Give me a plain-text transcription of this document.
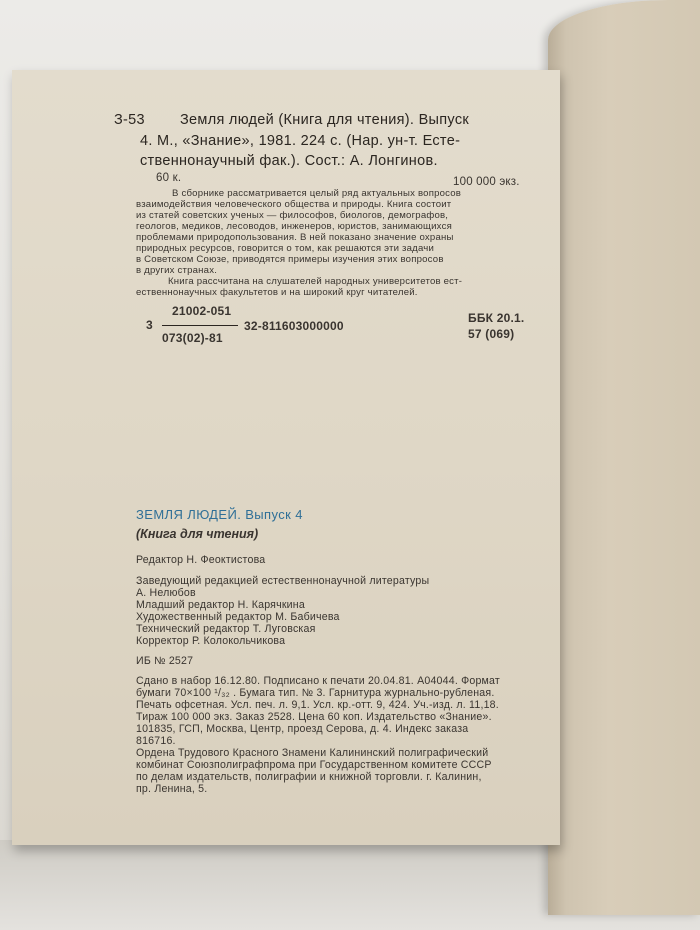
З-53 Земля людей (Книга для чтения). Выпуск
4. М., «Знание», 1981. 224 с. (Нар. ун-т. Есте-
ственнонаучный фак.). Сост.: А. Лонгинов.
60 к.	100 000 экз.
В сборнике рассматривается целый ряд актуальных вопросов
взаимодействия человеческого общества и природы. Книга состоит
из статей советских ученых — философов, биологов, демографов,
геологов, медиков, лесоводов, инженеров, юристов, занимающихся
проблемами природопользования. В ней показано значение охраны
природных ресурсов, говорится о том, как решаются эти задачи
в Советском Союзе, приводятся примеры изучения этих вопросов
в других странах.
Книга рассчитана на слушателей народных университетов ест-
ественнонаучных факультетов и на широкий круг читателей.
3
21002-051
073(02)-81
32-811603000000
ББК 20.1.
57 (069)
ЗЕМЛЯ ЛЮДЕЙ. Выпуск 4
(Книга для чтения)
Редактор Н. Феоктистова
Заведующий редакцией естественнонаучной литературы
А. Нелюбов
Младший редактор Н. Карячкина
Художественный редактор М. Бабичева
Технический редактор Т. Луговская
Корректор Р. Колокольчикова
ИБ № 2527
Сдано в набор 16.12.80. Подписано к печати 20.04.81. А04044. Формат
бумаги 70×100 ¹/₃₂ . Бумага тип. № 3. Гарнитура журнально-рубленая.
Печать офсетная. Усл. печ. л. 9,1. Усл. кр.-отт. 9, 424. Уч.-изд. л. 11,18.
Тираж 100 000 экз. Заказ 2528. Цена 60 коп. Издательство «Знание».
101835, ГСП, Москва, Центр, проезд Серова, д. 4. Индекс заказа
816716.
Ордена Трудового Красного Знамени Калининский полиграфический
комбинат Союзполиграфпрома при Государственном комитете СССР
по делам издательств, полиграфии и книжной торговли. г. Калинин,
пр. Ленина, 5.
